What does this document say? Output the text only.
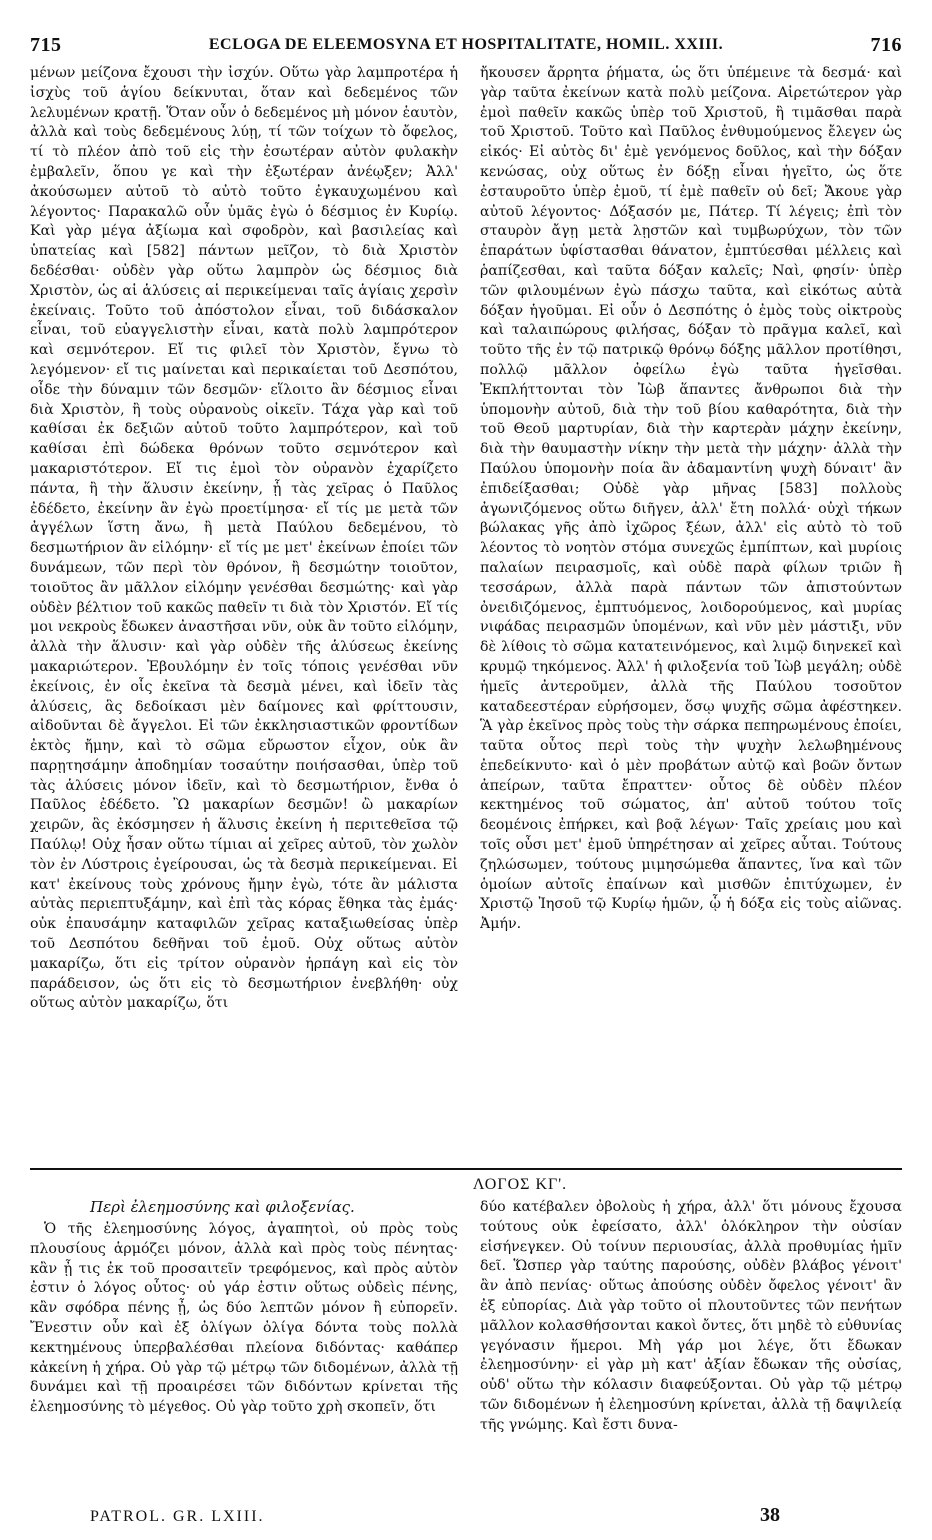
715	ECLOGA DE ELEEMOSYNA ET HOSPITALITATE, HOMIL. XXIII.	716

μένων μείζονα ἔχουσι τὴν ἰσχύν. Οὕτω γὰρ λαμπροτέρα ἡ ἰσχὺς τοῦ ἁγίου δείκνυται, ὅταν καὶ δεδεμένος τῶν λελυμένων κρατῇ. Ὅταν οὖν ὁ δεδεμένος μὴ μόνον ἑαυτὸν, ἀλλὰ καὶ τοὺς δεδεμένους λύῃ, τί τῶν τοίχων τὸ ὄφελος, τί τὸ πλέον ἀπὸ τοῦ εἰς τὴν ἐσωτέραν αὐτὸν φυλακὴν ἐμβαλεῖν, ὅπου γε καὶ τὴν ἐξωτέραν ἀνέῳξεν; Ἀλλ' ἀκούσωμεν αὐτοῦ τὸ αὐτὸ τοῦτο ἐγκαυχωμένου καὶ λέγοντος· Παρακαλῶ οὖν ὑμᾶς ἐγὼ ὁ δέσμιος ἐν Κυρίῳ. Καὶ γὰρ μέγα ἀξίωμα καὶ σφοδρὸν, καὶ βασιλείας καὶ ὑπατείας καὶ [582] πάντων μεῖζον, τὸ διὰ Χριστὸν δεδέσθαι· οὐδὲν γὰρ οὕτω λαμπρὸν ὡς δέσμιος διὰ Χριστὸν, ὡς αἱ ἁλύσεις αἱ περικείμεναι ταῖς ἁγίαις χερσὶν ἐκείναις. Τοῦτο τοῦ ἀπόστολον εἶναι, τοῦ διδάσκαλον εἶναι, τοῦ εὐαγγελιστὴν εἶναι, κατὰ πολὺ λαμπρότερον καὶ σεμνότερον. Εἴ τις φιλεῖ τὸν Χριστὸν, ἔγνω τὸ λεγόμενον· εἴ τις μαίνεται καὶ περικαίεται τοῦ Δεσπότου, οἶδε τὴν δύναμιν τῶν δεσμῶν· εἵλοιτο ἂν δέσμιος εἶναι διὰ Χριστὸν, ἢ τοὺς οὐρανοὺς οἰκεῖν. Τάχα γὰρ καὶ τοῦ καθίσαι ἐκ δεξιῶν αὐτοῦ τοῦτο λαμπρότερον, καὶ τοῦ καθίσαι ἐπὶ δώδεκα θρόνων τοῦτο σεμνότερον καὶ μακαριστότερον. Εἴ τις ἐμοὶ τὸν οὐρανὸν ἐχαρίζετο πάντα, ἢ τὴν ἅλυσιν ἐκείνην, ᾗ τὰς χεῖρας ὁ Παῦλος ἐδέδετο, ἐκείνην ἂν ἐγὼ προετίμησα· εἴ τίς με μετὰ τῶν ἀγγέλων ἵστη ἄνω, ἢ μετὰ Παύλου δεδεμένου, τὸ δεσμωτήριον ἂν εἱλόμην· εἴ τίς με μετ' ἐκείνων ἐποίει τῶν δυνάμεων, τῶν περὶ τὸν θρόνον, ἢ δεσμώτην τοιοῦτον, τοιοῦτος ἂν μᾶλλον εἱλόμην γενέσθαι δεσμώτης· καὶ γὰρ οὐδὲν βέλτιον τοῦ κακῶς παθεῖν τι διὰ τὸν Χριστόν. Εἴ τίς μοι νεκροὺς ἔδωκεν ἀναστῆσαι νῦν, οὐκ ἂν τοῦτο εἱλόμην, ἀλλὰ τὴν ἅλυσιν· καὶ γὰρ οὐδὲν τῆς ἁλύσεως ἐκείνης μακαριώτερον. Ἐβουλόμην ἐν τοῖς τόποις γενέσθαι νῦν ἐκείνοις, ἐν οἷς ἐκεῖνα τὰ δεσμὰ μένει, καὶ ἰδεῖν τὰς ἁλύσεις, ἃς δεδοίκασι μὲν δαίμονες καὶ φρίττουσιν, αἰδοῦνται δὲ ἄγγελοι. Εἰ τῶν ἐκκλησιαστικῶν φροντίδων ἐκτὸς ἤμην, καὶ τὸ σῶμα εὔρωστον εἶχον, οὐκ ἂν παρῃτησάμην ἀποδημίαν τοσαύτην ποιήσασθαι, ὑπὲρ τοῦ τὰς ἁλύσεις μόνον ἰδεῖν, καὶ τὸ δεσμωτήριον, ἔνθα ὁ Παῦλος ἐδέδετο. Ὢ μακαρίων δεσμῶν! ὢ μακαρίων χειρῶν, ἃς ἐκόσμησεν ἡ ἅλυσις ἐκείνη ἡ περιτεθεῖσα τῷ Παύλῳ! Οὐχ ἦσαν οὕτω τίμιαι αἱ χεῖρες αὐτοῦ, τὸν χωλὸν τὸν ἐν Λύστροις ἐγείρουσαι, ὡς τὰ δεσμὰ περικείμεναι. Εἰ κατ' ἐκείνους τοὺς χρόνους ἤμην ἐγὼ, τότε ἂν μάλιστα αὐτὰς περιεπτυξάμην, καὶ ἐπὶ τὰς κόρας ἔθηκα τὰς ἐμάς· οὐκ ἐπαυσάμην καταφιλῶν χεῖρας καταξιωθείσας ὑπὲρ τοῦ Δεσπότου δεθῆναι τοῦ ἐμοῦ. Οὐχ οὕτως αὐτὸν μακαρίζω, ὅτι εἰς τρίτον οὐρανὸν ἡρπάγη καὶ εἰς τὸν παράδεισον, ὡς ὅτι εἰς τὸ δεσμωτήριον ἐνεβλήθη· οὐχ οὕτως αὐτὸν μακαρίζω, ὅτι

ἤκουσεν ἄρρητα ῥήματα, ὡς ὅτι ὑπέμεινε τὰ δεσμά· καὶ γὰρ ταῦτα ἐκείνων κατὰ πολὺ μείζονα. Αἱρετώτερον γὰρ ἐμοὶ παθεῖν κακῶς ὑπὲρ τοῦ Χριστοῦ, ἢ τιμᾶσθαι παρὰ τοῦ Χριστοῦ. Τοῦτο καὶ Παῦλος ἐνθυμούμενος ἔλεγεν ὡς εἰκός· Εἰ αὐτὸς δι' ἐμὲ γενόμενος δοῦλος, καὶ τὴν δόξαν κενώσας, οὐχ οὕτως ἐν δόξῃ εἶναι ἡγεῖτο, ὡς ὅτε ἐσταυροῦτο ὑπὲρ ἐμοῦ, τί ἐμὲ παθεῖν οὐ δεῖ; Ἄκουε γὰρ αὐτοῦ λέγοντος· Δόξασόν με, Πάτερ. Τί λέγεις; ἐπὶ τὸν σταυρὸν ἄγῃ μετὰ λῃστῶν καὶ τυμβωρύχων, τὸν τῶν ἐπαράτων ὑφίστασθαι θάνατον, ἐμπτύεσθαι μέλλεις καὶ ῥαπίζεσθαι, καὶ ταῦτα δόξαν καλεῖς; Ναὶ, φησίν· ὑπὲρ τῶν φιλουμένων ἐγὼ πάσχω ταῦτα, καὶ εἰκότως αὐτὰ δόξαν ἡγοῦμαι. Εἰ οὖν ὁ Δεσπότης ὁ ἐμὸς τοὺς οἰκτροὺς καὶ ταλαιπώρους φιλήσας, δόξαν τὸ πρᾶγμα καλεῖ, καὶ τοῦτο τῆς ἐν τῷ πατρικῷ θρόνῳ δόξης μᾶλλον προτίθησι, πολλῷ μᾶλλον ὀφείλω ἐγὼ ταῦτα ἡγεῖσθαι. Ἐκπλήττονται τὸν Ἰὼβ ἅπαντες ἄνθρωποι διὰ τὴν ὑπομονὴν αὐτοῦ, διὰ τὴν τοῦ βίου καθαρότητα, διὰ τὴν τοῦ Θεοῦ μαρτυρίαν, διὰ τὴν καρτερὰν μάχην ἐκείνην, διὰ τὴν θαυμαστὴν νίκην τὴν μετὰ τὴν μάχην· ἀλλὰ τὴν Παύλου ὑπομονὴν ποία ἂν ἀδαμαντίνη ψυχὴ δύναιτ' ἂν ἐπιδείξασθαι; Οὐδὲ γὰρ μῆνας [583] πολλοὺς ἀγωνιζόμενος οὕτω διῆγεν, ἀλλ' ἔτη πολλά· οὐχὶ τήκων βώλακας γῆς ἀπὸ ἰχῶρος ξέων, ἀλλ' εἰς αὐτὸ τὸ τοῦ λέοντος τὸ νοητὸν στόμα συνεχῶς ἐμπίπτων, καὶ μυρίοις παλαίων πειρασμοῖς, καὶ οὐδὲ παρὰ φίλων τριῶν ἢ τεσσάρων, ἀλλὰ παρὰ πάντων τῶν ἀπιστούντων ὀνειδιζόμενος, ἐμπτυόμενος, λοιδορούμενος, καὶ μυρίας νιφάδας πειρασμῶν ὑπομένων, καὶ νῦν μὲν μάστιξι, νῦν δὲ λίθοις τὸ σῶμα κατατεινόμενος, καὶ λιμῷ διηνεκεῖ καὶ κρυμῷ τηκόμενος. Ἀλλ' ἡ φιλοξενία τοῦ Ἰὼβ μεγάλη; οὐδὲ ἡμεῖς ἀντεροῦμεν, ἀλλὰ τῆς Παύλου τοσοῦτον καταδεεστέραν εὑρήσομεν, ὅσῳ ψυχῆς σῶμα ἀφέστηκεν. Ἃ γὰρ ἐκεῖνος πρὸς τοὺς τὴν σάρκα πεπηρωμένους ἐποίει, ταῦτα οὗτος περὶ τοὺς τὴν ψυχὴν λελωβημένους ἐπεδείκνυτο· καὶ ὁ μὲν προβάτων αὐτῷ καὶ βοῶν ὄντων ἀπείρων, ταῦτα ἔπραττεν· οὗτος δὲ οὐδὲν πλέον κεκτημένος τοῦ σώματος, ἀπ' αὐτοῦ τούτου τοῖς δεομένοις ἐπήρκει, καὶ βοᾷ λέγων· Ταῖς χρείαις μου καὶ τοῖς οὖσι μετ' ἐμοῦ ὑπηρέτησαν αἱ χεῖρες αὗται. Τούτους ζηλώσωμεν, τούτους μιμησώμεθα ἅπαντες, ἵνα καὶ τῶν ὁμοίων αὐτοῖς ἐπαίνων καὶ μισθῶν ἐπιτύχωμεν, ἐν Χριστῷ Ἰησοῦ τῷ Κυρίῳ ἡμῶν, ᾧ ἡ δόξα εἰς τοὺς αἰῶνας. Ἀμήν.

ΛΟΓΟΣ ΚΓ'.
Περὶ ἐλεημοσύνης καὶ φιλοξενίας.

Ὁ τῆς ἐλεημοσύνης λόγος, ἀγαπητοὶ, οὐ πρὸς τοὺς πλουσίους ἁρμόζει μόνον, ἀλλὰ καὶ πρὸς τοὺς πένητας· κἂν ᾖ τις ἐκ τοῦ προσαιτεῖν τρεφόμενος, καὶ πρὸς αὐτὸν ἐστιν ὁ λόγος οὗτος· οὐ γάρ ἐστιν οὕτως οὐδεὶς πένης, κἂν σφόδρα πένης ᾖ, ὡς δύο λεπτῶν μόνον ἢ εὐπορεῖν. Ἔνεστιν οὖν καὶ ἐξ ὀλίγων ὀλίγα δόντα τοὺς πολλὰ κεκτημένους ὑπερβαλέσθαι πλείονα διδόντας· καθάπερ κἀκείνη ἡ χήρα. Οὐ γὰρ τῷ μέτρῳ τῶν διδομένων, ἀλλὰ τῇ δυνάμει καὶ τῇ προαιρέσει τῶν διδόντων κρίνεται τῆς ἐλεημοσύνης τὸ μέγεθος. Οὐ γὰρ τοῦτο χρὴ σκοπεῖν, ὅτι

δύο κατέβαλεν ὀβολοὺς ἡ χήρα, ἀλλ' ὅτι μόνους ἔχουσα τούτους οὐκ ἐφείσατο, ἀλλ' ὁλόκληρον τὴν οὐσίαν εἰσήνεγκεν. Οὐ τοίνυν περιουσίας, ἀλλὰ προθυμίας ἡμῖν δεῖ. Ὥσπερ γὰρ ταύτης παρούσης, οὐδὲν βλάβος γένοιτ' ἂν ἀπὸ πενίας· οὕτως ἀπούσης οὐδὲν ὄφελος γένοιτ' ἂν ἐξ εὐπορίας. Διὰ γὰρ τοῦτο οἱ πλουτοῦντες τῶν πενήτων μᾶλλον κολασθήσονται κακοὶ ὄντες, ὅτι μηδὲ τὸ εὐθυνίας γεγόνασιν ἥμεροι. Μὴ γάρ μοι λέγε, ὅτι ἔδωκαν ἐλεημοσύνην· εἰ γὰρ μὴ κατ' ἀξίαν ἔδωκαν τῆς οὐσίας, οὐδ' οὕτω τὴν κόλασιν διαφεύξονται. Οὐ γὰρ τῷ μέτρῳ τῶν διδομένων ἡ ἐλεημοσύνη κρίνεται, ἀλλὰ τῇ δαψιλείᾳ τῆς γνώμης. Καὶ ἔστι δυνα-

PATROL. GR. LXIII.	38
